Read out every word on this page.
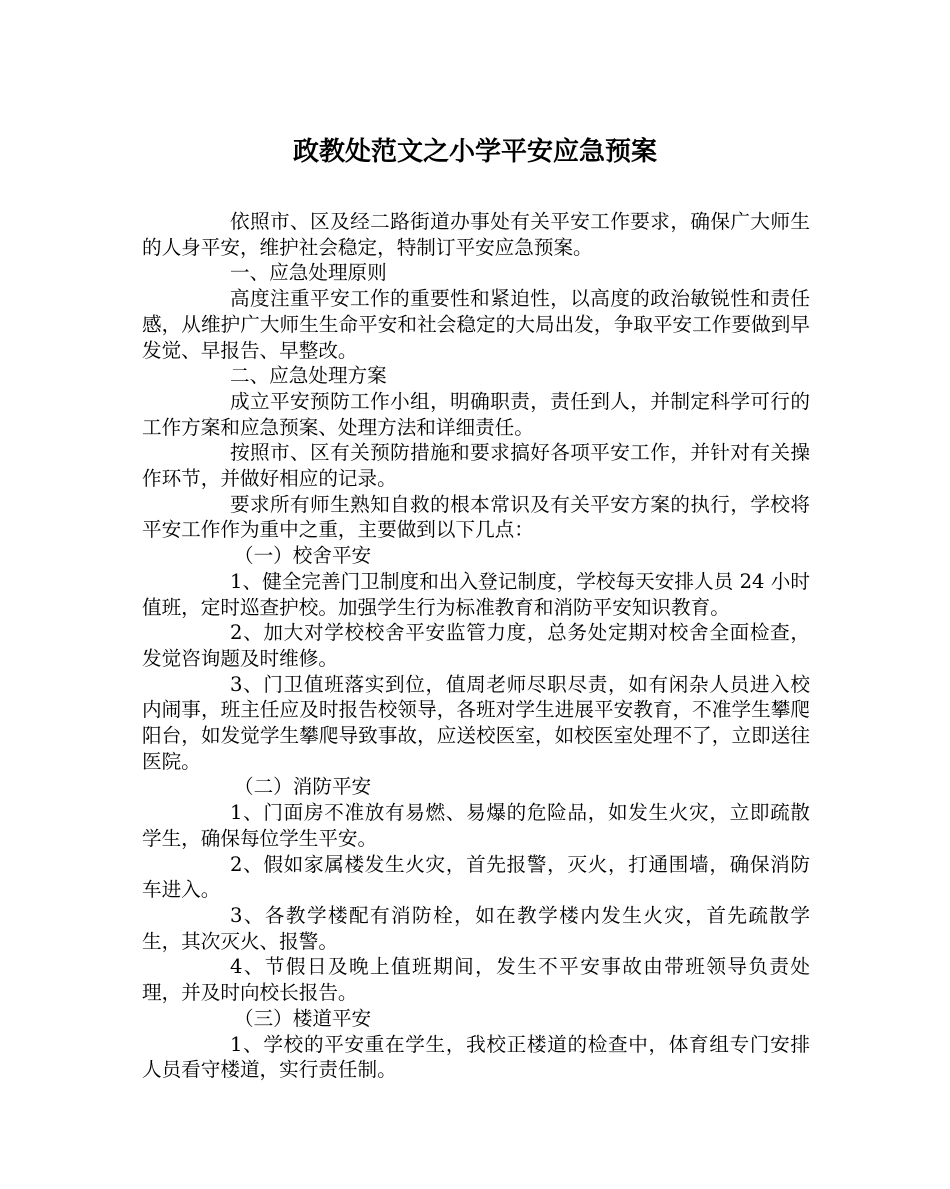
政教处范文之小学平安应急预案

依照市、区及经二路街道办事处有关平安工作要求，确保广大师生的人身平安，维护社会稳定，特制订平安应急预案。

一、应急处理原则

高度注重平安工作的重要性和紧迫性，以高度的政治敏锐性和责任感，从维护广大师生生命平安和社会稳定的大局出发，争取平安工作要做到早发觉、早报告、早整改。

二、应急处理方案

成立平安预防工作小组，明确职责，责任到人，并制定科学可行的工作方案和应急预案、处理方法和详细责任。

按照市、区有关预防措施和要求搞好各项平安工作，并针对有关操作环节，并做好相应的记录。

要求所有师生熟知自救的根本常识及有关平安方案的执行，学校将平安工作作为重中之重，主要做到以下几点：

（一）校舍平安

1、健全完善门卫制度和出入登记制度，学校每天安排人员 24 小时值班，定时巡查护校。加强学生行为标准教育和消防平安知识教育。

2、加大对学校校舍平安监管力度，总务处定期对校舍全面检查，发觉咨询题及时维修。

3、门卫值班落实到位，值周老师尽职尽责，如有闲杂人员进入校内闹事，班主任应及时报告校领导，各班对学生进展平安教育，不准学生攀爬阳台，如发觉学生攀爬导致事故，应送校医室，如校医室处理不了，立即送往医院。

（二）消防平安

1、门面房不准放有易燃、易爆的危险品，如发生火灾，立即疏散学生，确保每位学生平安。

2、假如家属楼发生火灾，首先报警，灭火，打通围墙，确保消防车进入。

3、各教学楼配有消防栓，如在教学楼内发生火灾，首先疏散学生，其次灭火、报警。

4、节假日及晚上值班期间，发生不平安事故由带班领导负责处理，并及时向校长报告。

（三）楼道平安

1、学校的平安重在学生，我校正楼道的检查中，体育组专门安排人员看守楼道，实行责任制。
